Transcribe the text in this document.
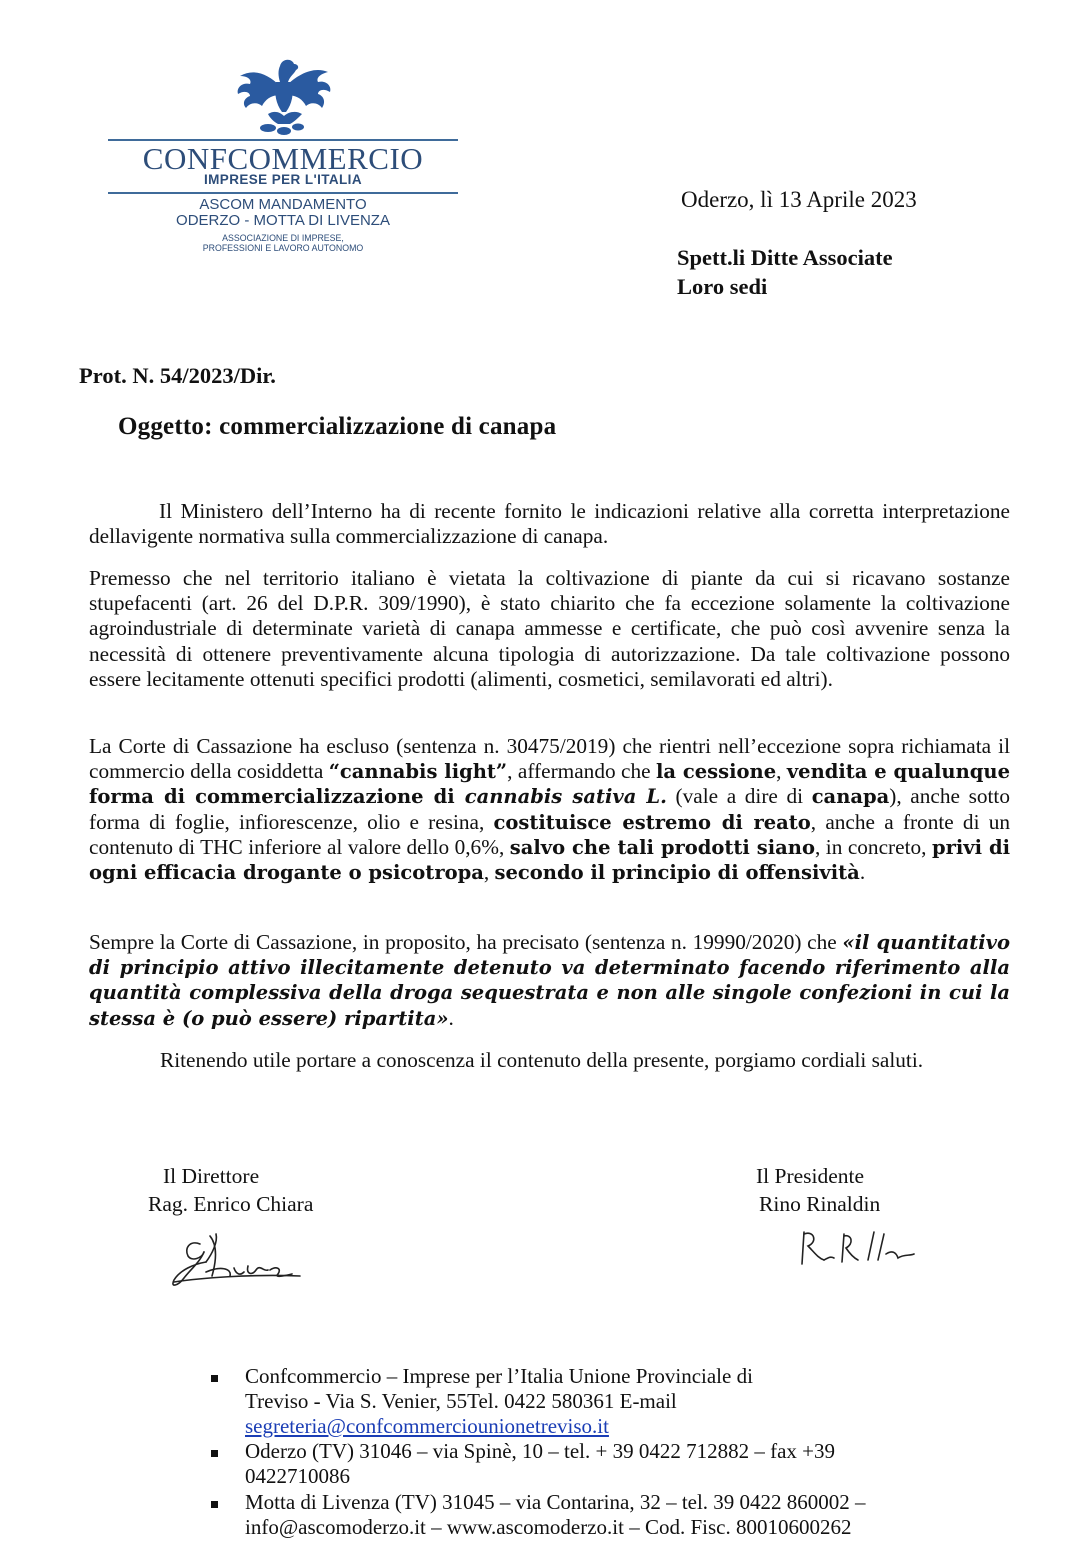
CONFCOMMERCIO
IMPRESE PER L'ITALIA
ASCOM MANDAMENTO
ODERZO - MOTTA DI LIVENZA
ASSOCIAZIONE DI IMPRESE,
PROFESSIONI E LAVORO AUTONOMO
Oderzo, lì 13 Aprile 2023
Spett.li Ditte Associate
Loro sedi
Prot. N. 54/2023/Dir.
Oggetto: commercializzazione di canapa
Il Ministero dell’Interno ha di recente fornito le indicazioni relative alla corretta interpretazione dellavigente normativa sulla commercializzazione di canapa.
Premesso che nel territorio italiano è vietata la coltivazione di piante da cui si ricavano sostanze stupefacenti (art. 26 del D.P.R. 309/1990), è stato chiarito che fa eccezione solamente la coltivazione agroindustriale di determinate varietà di canapa ammesse e certificate, che può così avvenire senza la necessità di ottenere preventivamente alcuna tipologia di autorizzazione. Da tale coltivazione possono essere lecitamente ottenuti specifici prodotti (alimenti, cosmetici, semilavorati ed altri).
La Corte di Cassazione ha escluso (sentenza n. 30475/2019) che rientri nell’eccezione sopra richiamata il commercio della cosiddetta “cannabis light”, affermando che la cessione, vendita e qualunque forma di commercializzazione di cannabis sativa L. (vale a dire di canapa), anche sotto forma di foglie, infiorescenze, olio e resina, costituisce estremo di reato, anche a fronte di un contenuto di THC inferiore al valore dello 0,6%, salvo che tali prodotti siano, in concreto, privi di ogni efficacia drogante o psicotropa, secondo il principio di offensività.
Sempre la Corte di Cassazione, in proposito, ha precisato (sentenza n. 19990/2020) che «il quantitativo di principio attivo illecitamente detenuto va determinato facendo riferimento alla quantità complessiva della droga sequestrata e non alle singole confezioni in cui la stessa è (o può essere) ripartita».
Ritenendo utile portare a conoscenza il contenuto della presente, porgiamo cordiali saluti.
Il Direttore
Rag. Enrico Chiara
Il Presidente
Rino Rinaldin
Confcommercio – Imprese per l’Italia Unione Provinciale di
Treviso - Via S. Venier, 55Tel. 0422 580361 E-mail
segreteria@confcommerciounionetreviso.it
Oderzo (TV) 31046 – via Spinè, 10 – tel. + 39 0422 712882 – fax +39
0422710086
Motta di Livenza (TV) 31045 – via Contarina, 32 – tel. 39 0422 860002 –
info@ascomoderzo.it – www.ascomoderzo.it – Cod. Fisc. 80010600262
